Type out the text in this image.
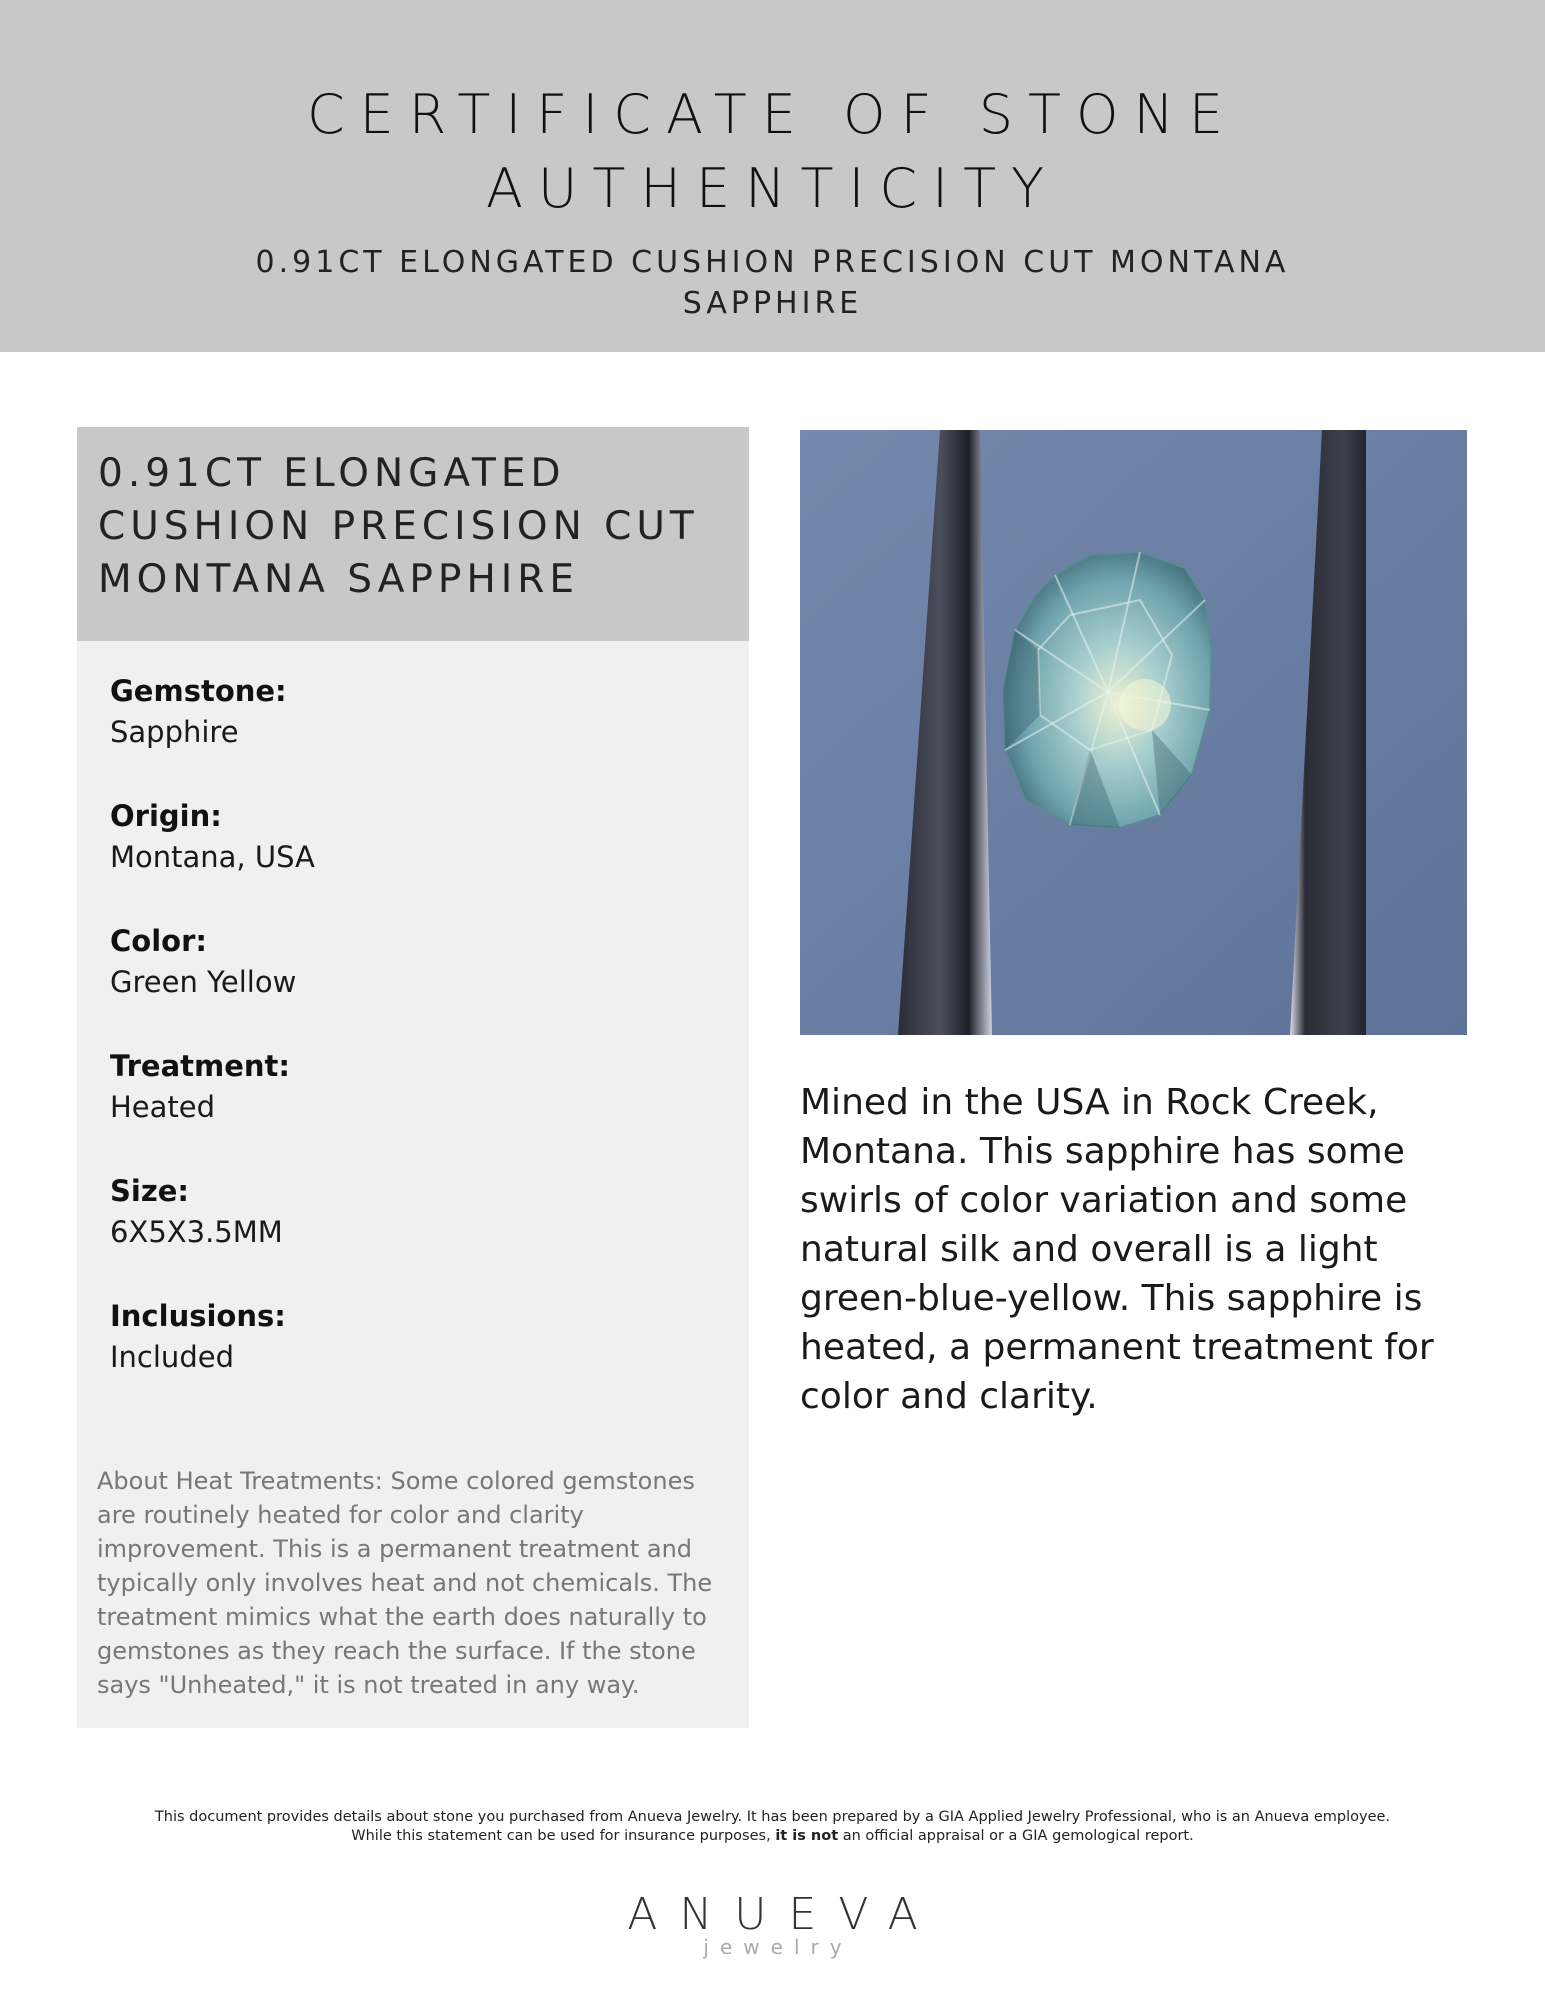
CERTIFICATE OF STONE AUTHENTICITY
0.91CT ELONGATED CUSHION PRECISION CUT MONTANA SAPPHIRE
0.91CT ELONGATED CUSHION PRECISION CUT MONTANA SAPPHIRE
Gemstone:
Sapphire
Origin:
Montana, USA
Color:
Green Yellow
Treatment:
Heated
Size:
6X5X3.5MM
Inclusions:
Included
About Heat Treatments: Some colored gemstones are routinely heated for color and clarity improvement. This is a permanent treatment and typically only involves heat and not chemicals. The treatment mimics what the earth does naturally to gemstones as they reach the surface. If the stone says "Unheated," it is not treated in any way.
Mined in the USA in Rock Creek, Montana. This sapphire has some swirls of color variation and some natural silk and overall is a light green-blue-yellow. This sapphire is heated, a permanent treatment for color and clarity.
This document provides details about stone you purchased from Anueva Jewelry. It has been prepared by a GIA Applied Jewelry Professional, who is an Anueva employee.
While this statement can be used for insurance purposes, it is not an official appraisal or a GIA gemological report.
ANUEVA
jewelry
